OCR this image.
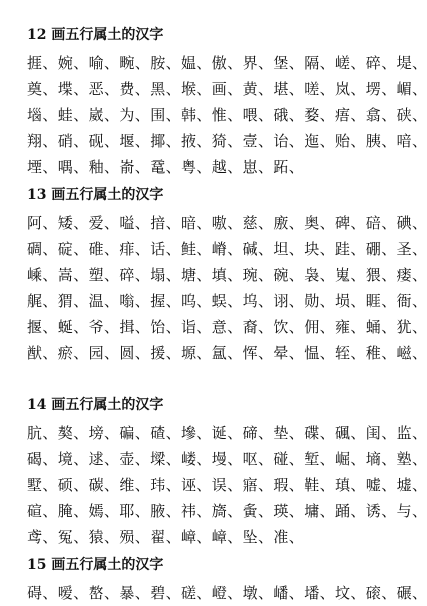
12 画五行属土的汉字
捱、婉、喻、畹、胺、媪、傲、界、堡、隔、嵯、碎、堤、
奠、堞、恶、费、黑、堠、画、黄、堪、嗟、岚、塄、嵋、
堖、蛙、崴、为、围、韩、惟、喂、硪、婺、痦、翕、硖、
翔、硝、砚、堰、揶、掖、猗、壹、诒、迤、贻、胰、喑、
堙、喁、釉、嵛、鼋、粤、越、崽、跖、
13 画五行属土的汉字
阿、矮、爱、嗌、揞、暗、嗷、慈、廒、奥、碑、碚、碘、
碉、碇、碓、痱、话、鲑、嵴、碱、坦、块、跬、硼、圣、
嵊、嵩、塑、碎、塌、塘、填、琬、碗、袅、嵬、猥、瘘、
艉、猬、温、嗡、握、呜、蜈、坞、诩、勋、埙、睚、衙、
揠、蜒、爷、揖、饴、诣、意、裔、饮、佣、雍、蛹、犹、
猷、瘀、园、圆、援、塬、氲、恽、晕、愠、轾、稚、嵫、
14 画五行属土的汉字
肮、獒、塝、碥、碴、墋、诞、碲、垫、碟、碸、闺、监、
碣、境、逑、壶、墚、嵝、墁、呕、碰、堑、崛、墒、塾、
墅、硕、碳、维、玮、诬、误、寤、瑕、鞋、瑱、嘘、墟、
碹、腌、嫣、耶、腋、祎、旖、夤、瑛、墉、踊、诱、与、
鸢、冤、猿、殒、翟、嶂、嶂、坠、准、
15 画五行属土的汉字
碍、嗳、嶅、暴、碧、磋、嶝、墩、嶓、墦、坟、磙、碾、
